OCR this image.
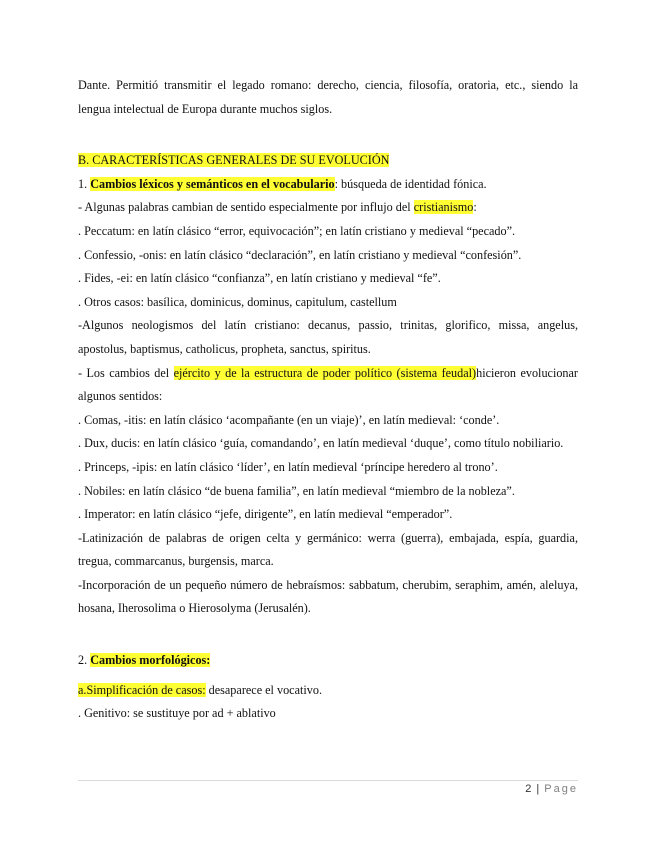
Dante. Permitió transmitir el legado romano: derecho, ciencia, filosofía, oratoria, etc., siendo la lengua intelectual de Europa durante muchos siglos.

B. CARACTERÍSTICAS GENERALES DE SU EVOLUCIÓN

1. Cambios léxicos y semánticos en el vocabulario: búsqueda de identidad fónica.

- Algunas palabras cambian de sentido especialmente por influjo del cristianismo:

. Peccatum: en latín clásico “error, equivocación”; en latín cristiano y medieval “pecado”.

. Confessio, -onis: en latín clásico “declaración”, en latín cristiano y medieval “confesión”.

. Fides, -ei: en latín clásico “confianza”, en latín cristiano y medieval “fe”.

. Otros casos: basílica, dominicus, dominus, capitulum, castellum

-Algunos neologismos del latín cristiano: decanus, passio, trinitas, glorifico, missa, angelus, apostolus, baptismus, catholicus, propheta, sanctus, spiritus.

- Los cambios del ejército y de la estructura de poder político (sistema feudal)hicieron evolucionar algunos sentidos:

. Comas, -itis: en latín clásico ‘acompañante (en un viaje)’, en latín medieval: ‘conde’.

. Dux, ducis: en latín clásico ‘guía, comandando’, en latín medieval ‘duque’, como título nobiliario.

. Princeps, -ipis: en latín clásico ‘líder’, en latín medieval ‘príncipe heredero al trono’.

. Nobiles: en latín clásico “de buena familia”, en latín medieval “miembro de la nobleza”.

. Imperator: en latín clásico “jefe, dirigente”, en latín medieval “emperador”.

-Latinización de palabras de origen celta y germánico: werra (guerra), embajada, espía, guardia, tregua, commarcanus, burgensis, marca.

-Incorporación de un pequeño número de hebraísmos: sabbatum, cherubim, seraphim, amén, aleluya, hosana, Iherosolima o Hierosolyma (Jerusalén).

2. Cambios morfológicos:

a.Simplificación de casos: desaparece el vocativo.

. Genitivo: se sustituye por ad + ablativo

2 | Page
